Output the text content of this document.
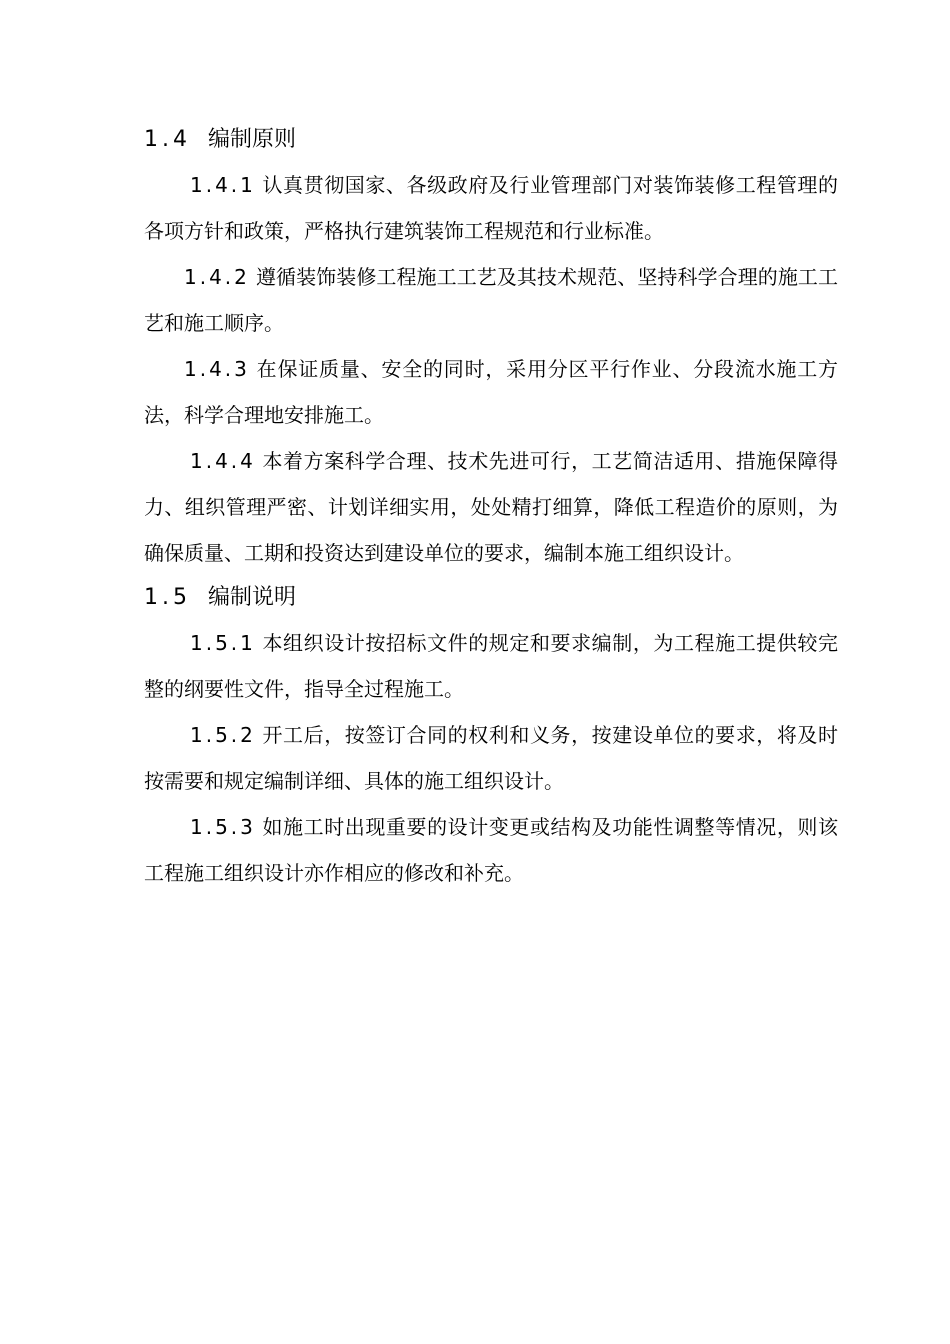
1.4 编制原则

1.4.1 认真贯彻国家、各级政府及行业管理部门对装饰装修工程管理的各项方针和政策，严格执行建筑装饰工程规范和行业标准。

1.4.2 遵循装饰装修工程施工工艺及其技术规范、坚持科学合理的施工工艺和施工顺序。

1.4.3 在保证质量、安全的同时，采用分区平行作业、分段流水施工方法，科学合理地安排施工。

1.4.4 本着方案科学合理、技术先进可行，工艺简洁适用、措施保障得力、组织管理严密、计划详细实用，处处精打细算，降低工程造价的原则，为确保质量、工期和投资达到建设单位的要求，编制本施工组织设计。

1.5 编制说明

1.5.1 本组织设计按招标文件的规定和要求编制，为工程施工提供较完整的纲要性文件，指导全过程施工。

1.5.2 开工后，按签订合同的权利和义务，按建设单位的要求，将及时按需要和规定编制详细、具体的施工组织设计。

1.5.3 如施工时出现重要的设计变更或结构及功能性调整等情况，则该工程施工组织设计亦作相应的修改和补充。
